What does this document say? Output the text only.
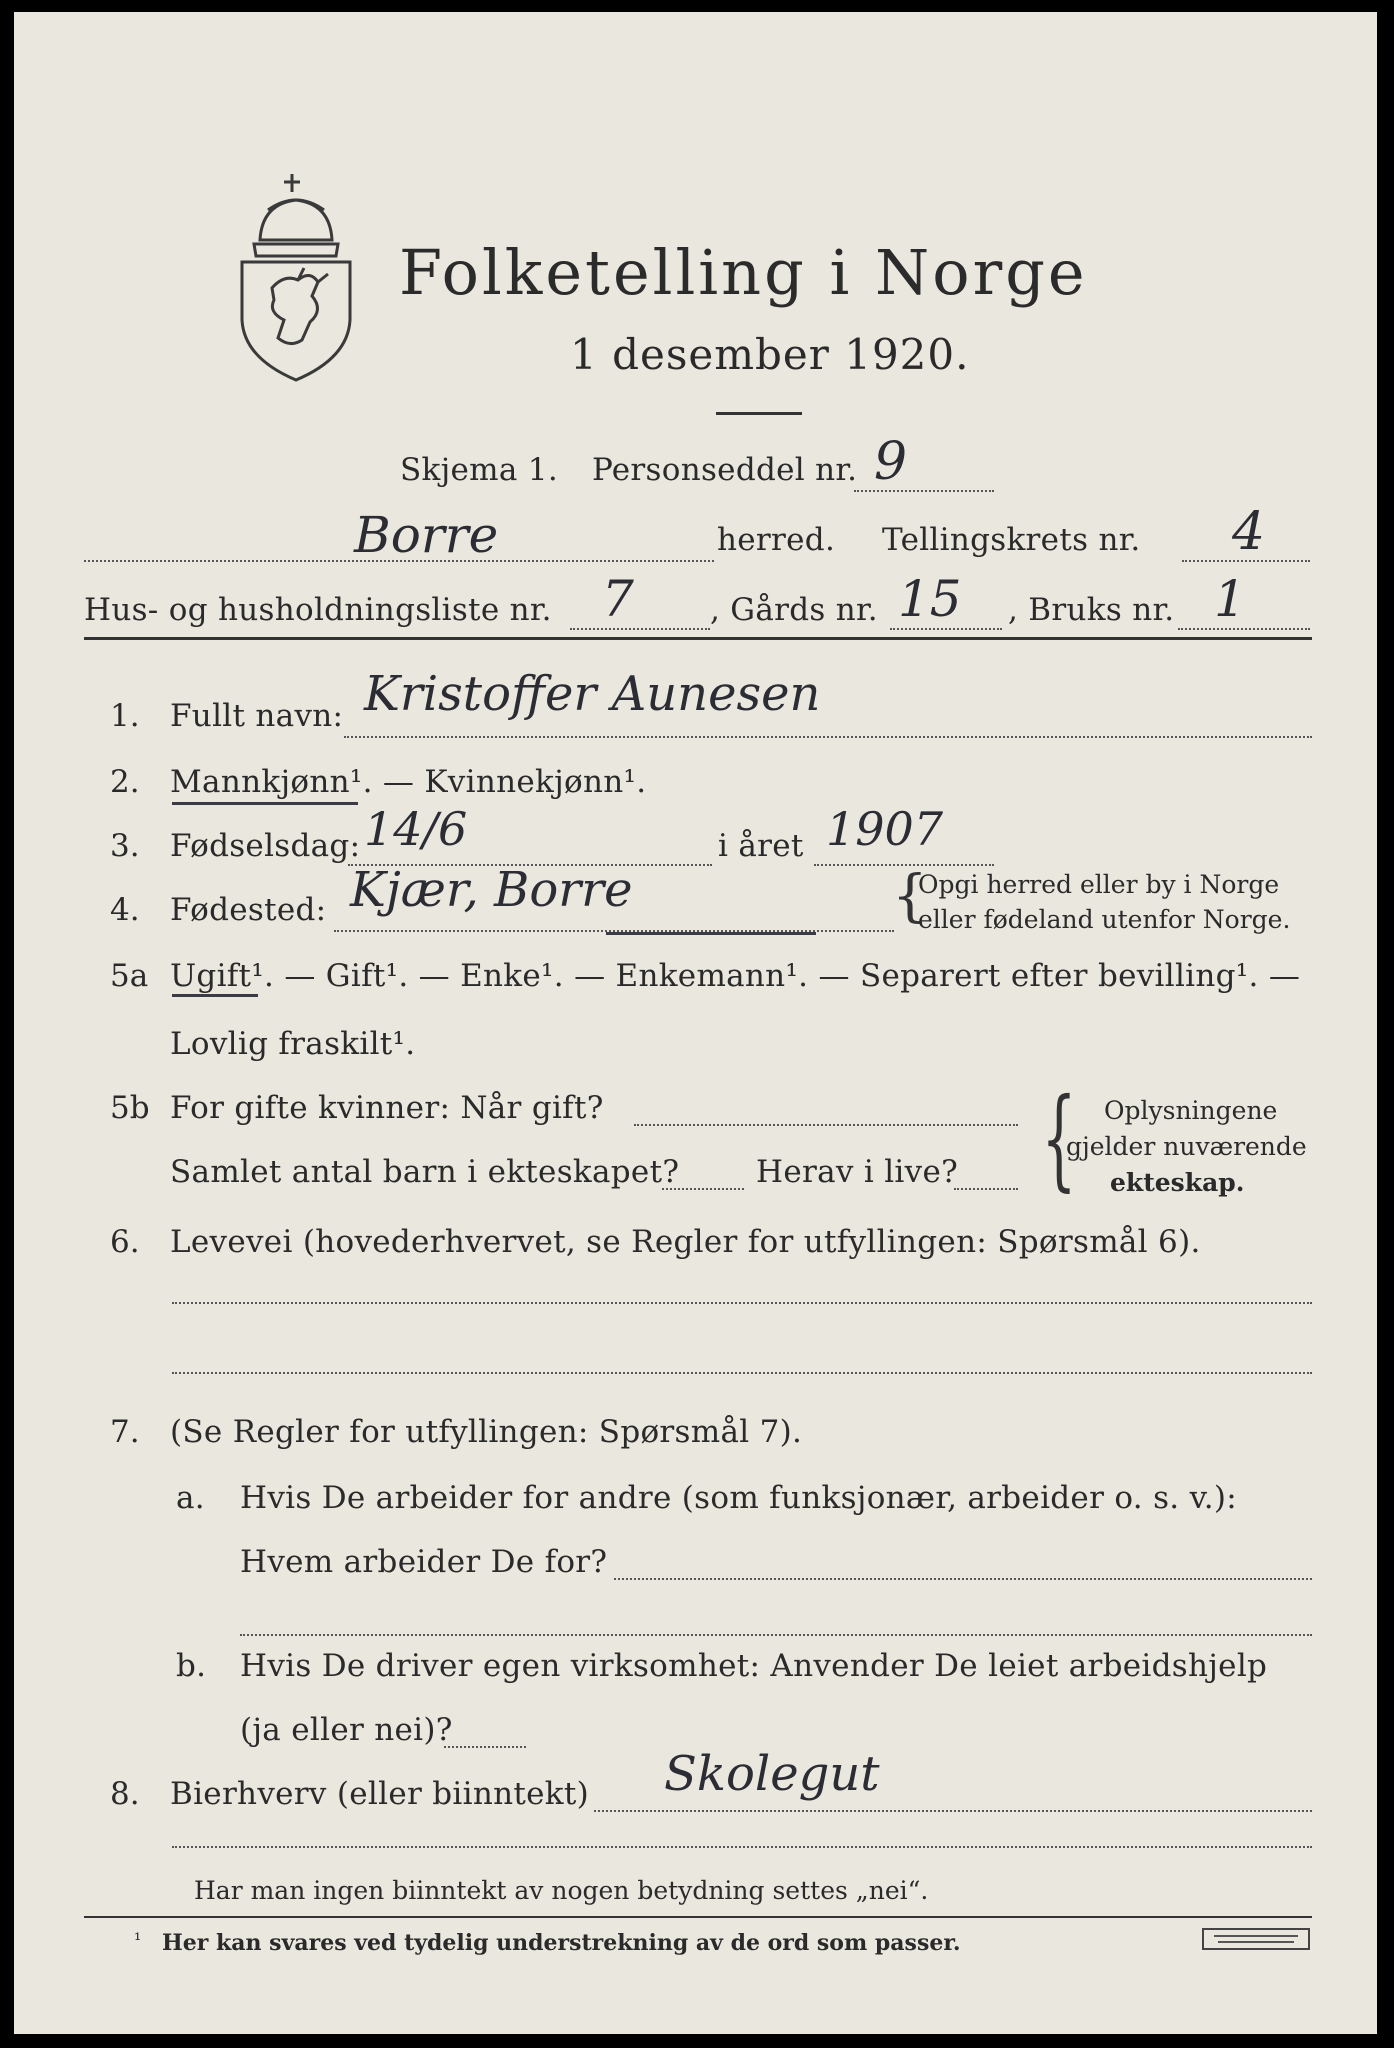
Folketelling i Norge
1 desember 1920.
Skjema 1. Personseddel nr. 9
Borre	herred. Tellingskrets nr. 4
Hus- og husholdningsliste nr. 7 , Gårds nr. 15 , Bruks nr. 1
1. Fullt navn: Kristoffer Aunesen
2. Mannkjønn¹. — Kvinnekjønn¹.
3. Fødselsdag: 14/6	i året 1907
4. Fødested: Kjær, Borre	{
Opgi herred eller by i Norge
eller fødeland utenfor Norge.
5a Ugift¹. — Gift¹. — Enke¹. — Enkemann¹. — Separert efter bevilling¹. —
Lovlig fraskilt¹.
5b For gifte kvinner: Når gift?
Samlet antal barn i ekteskapet? Herav i live? { Oplysningene
gjelder nuværende
ekteskap.
6. Levevei (hovederhvervet, se Regler for utfyllingen: Spørsmål 6).
7. (Se Regler for utfyllingen: Spørsmål 7).
a. Hvis De arbeider for andre (som funksjonær, arbeider o. s. v.):
Hvem arbeider De for?
b. Hvis De driver egen virksomhet: Anvender De leiet arbeidshjelp
(ja eller nei)?
8. Bierhverv (eller biinntekt) Skolegut
Har man ingen biinntekt av nogen betydning settes „nei“.
¹ Her kan svares ved tydelig understrekning av de ord som passer.
